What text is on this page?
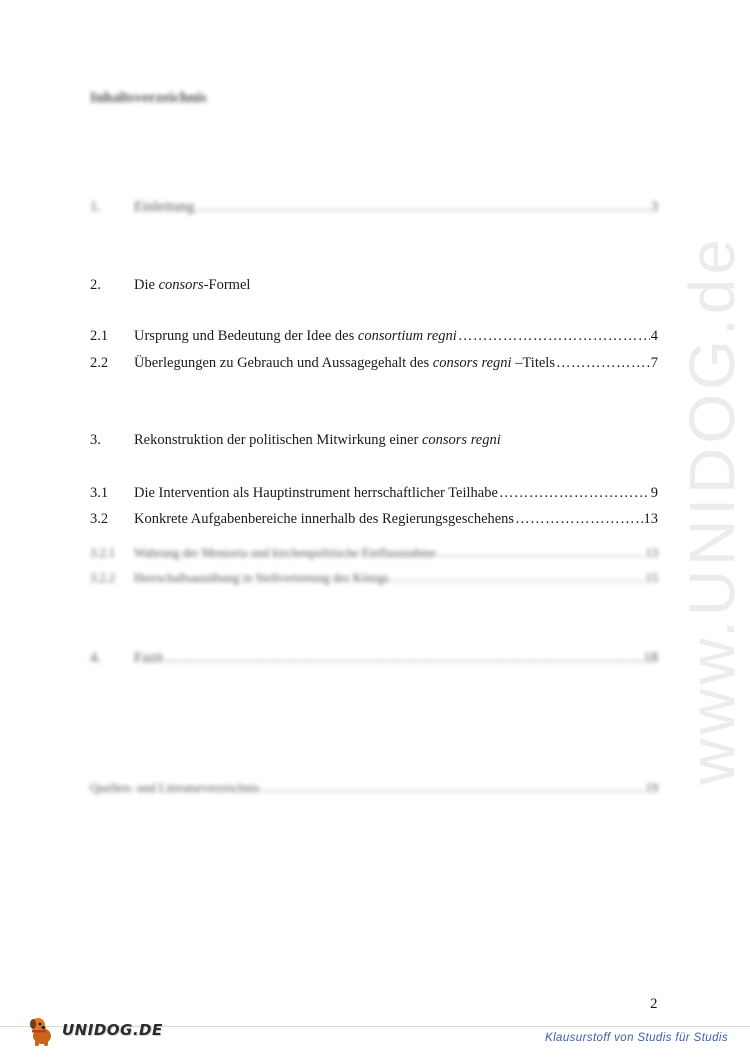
www.UNIDOG.de
Inhaltsverzeichnis
1.	Einleitung ……………………………………………………………………………………………………………………………………………………………………	3
2.	Die consors-Formel
2.1	Ursprung und Bedeutung der Idee des consortium regni ……………………………………………………………………………………………………………………………………………………………………	4
2.2	Überlegungen zu Gebrauch und Aussagegehalt des consors regni –Titels ……………………………………………………………………………………………………………………………………………………………………	7
3.	Rekonstruktion der politischen Mitwirkung einer consors regni
3.1	Die Intervention als Hauptinstrument herrschaftlicher Teilhabe ……………………………………………………………………………………………………………………………………………………………………	9
3.2	Konkrete Aufgabenbereiche innerhalb des Regierungsgeschehens ……………………………………………………………………………………………………………………………………………………………………	13
3.2.1	Wahrung der Memoria und kirchenpolitische Einflussnahme ……………………………………………………………………………………………………………………………………………………………………	13
3.2.2	Herrschaftsausübung in Stellvertretung des Königs ……………………………………………………………………………………………………………………………………………………………………	15
4.	Fazit ……………………………………………………………………………………………………………………………………………………………………	18
Quellen- und Literaturverzeichnis ……………………………………………………………………………………………………………………………………………………………………	19
2
UNIDOG.DE	Klausurstoff von Studis für Studis
